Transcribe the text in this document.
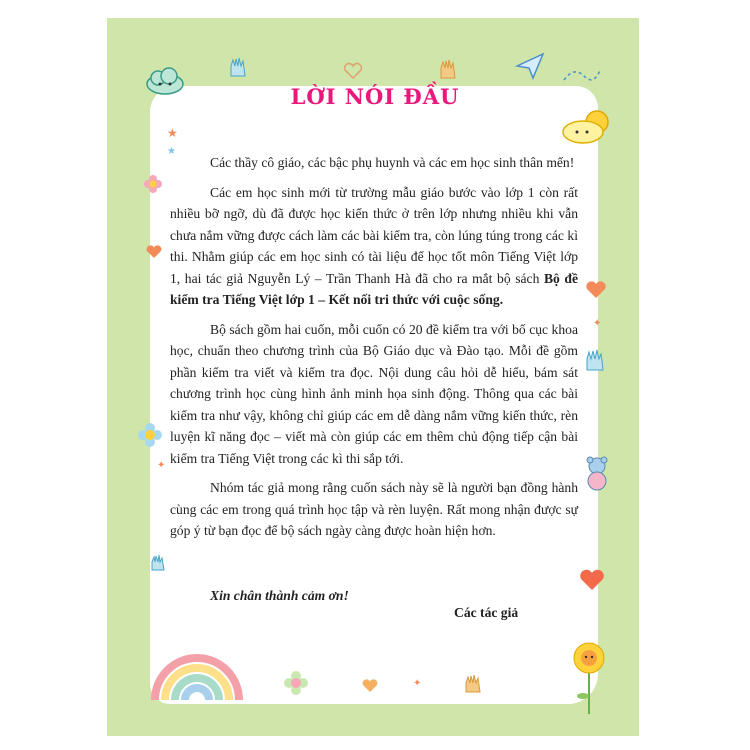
★
★
✦
✦
✦
LỜI NÓI ĐẦU

Các thầy cô giáo, các bậc phụ huynh và các em học sinh thân mến!

Các em học sinh mới từ trường mẫu giáo bước vào lớp 1 còn rất nhiều bỡ ngỡ, dù đã được học kiến thức ở trên lớp nhưng nhiều khi vẫn chưa nắm vững được cách làm các bài kiểm tra, còn lúng túng trong các kì thi. Nhằm giúp các em học sinh có tài liệu để học tốt môn Tiếng Việt lớp 1, hai tác giả Nguyễn Lý – Trần Thanh Hà đã cho ra mắt bộ sách Bộ đề kiểm tra Tiếng Việt lớp 1 – Kết nối tri thức với cuộc sống.

Bộ sách gồm hai cuốn, mỗi cuốn có 20 đề kiểm tra với bố cục khoa học, chuẩn theo chương trình của Bộ Giáo dục và Đào tạo. Mỗi đề gồm phần kiểm tra viết và kiểm tra đọc. Nội dung câu hỏi dễ hiểu, bám sát chương trình học cùng hình ảnh minh họa sinh động. Thông qua các bài kiểm tra như vậy, không chỉ giúp các em dễ dàng nắm vững kiến thức, rèn luyện kĩ năng đọc – viết mà còn giúp các em thêm chủ động tiếp cận bài kiểm tra Tiếng Việt trong các kì thi sắp tới.

Nhóm tác giả mong rằng cuốn sách này sẽ là người bạn đồng hành cùng các em trong quá trình học tập và rèn luyện. Rất mong nhận được sự góp ý từ bạn đọc để bộ sách ngày càng được hoàn hiện hơn.

Xin chân thành cảm ơn!
Các tác giả
